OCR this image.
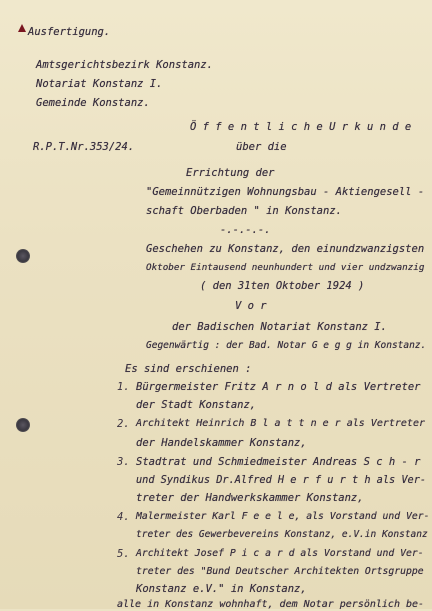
Ausfertigung.
Amtsgerichtsbezirk Konstanz.
Notariat Konstanz I.
Gemeinde Konstanz.
Ö f f e n t l i c h e U r k u n d e
R.P.T.Nr.353/24.	über die
Errichtung der
"Gemeinnützigen Wohnungsbau - Aktiengesell -
schaft Oberbaden " in Konstanz.
-.-.-.-.
Geschehen zu Konstanz, den einundzwanzigsten
Oktober Eintausend neunhundert und vier undzwanzig
( den 31ten Oktober 1924 )
V o r
der Badischen Notariat Konstanz I.
Gegenwärtig : der Bad. Notar G e g g in Konstanz.
Es sind erschienen :
1. Bürgermeister Fritz A r n o l d als Vertreter
der Stadt Konstanz,
2. Architekt Heinrich B l a t t n e r als Vertreter
der Handelskammer Konstanz,
3. Stadtrat und Schmiedmeister Andreas S c h - r
und Syndikus Dr.Alfred H e r f u r t h als Ver-
treter der Handwerkskammer Konstanz,
4. Malermeister Karl F e e l e, als Vorstand und Ver-
treter des Gewerbevereins Konstanz, e.V.in Konstanz
5. Architekt Josef P i c a r d als Vorstand und Ver-
treter des "Bund Deutscher Architekten Ortsgruppe
Konstanz e.V." in Konstanz,
alle in Konstanz wohnhaft, dem Notar persönlich be-
